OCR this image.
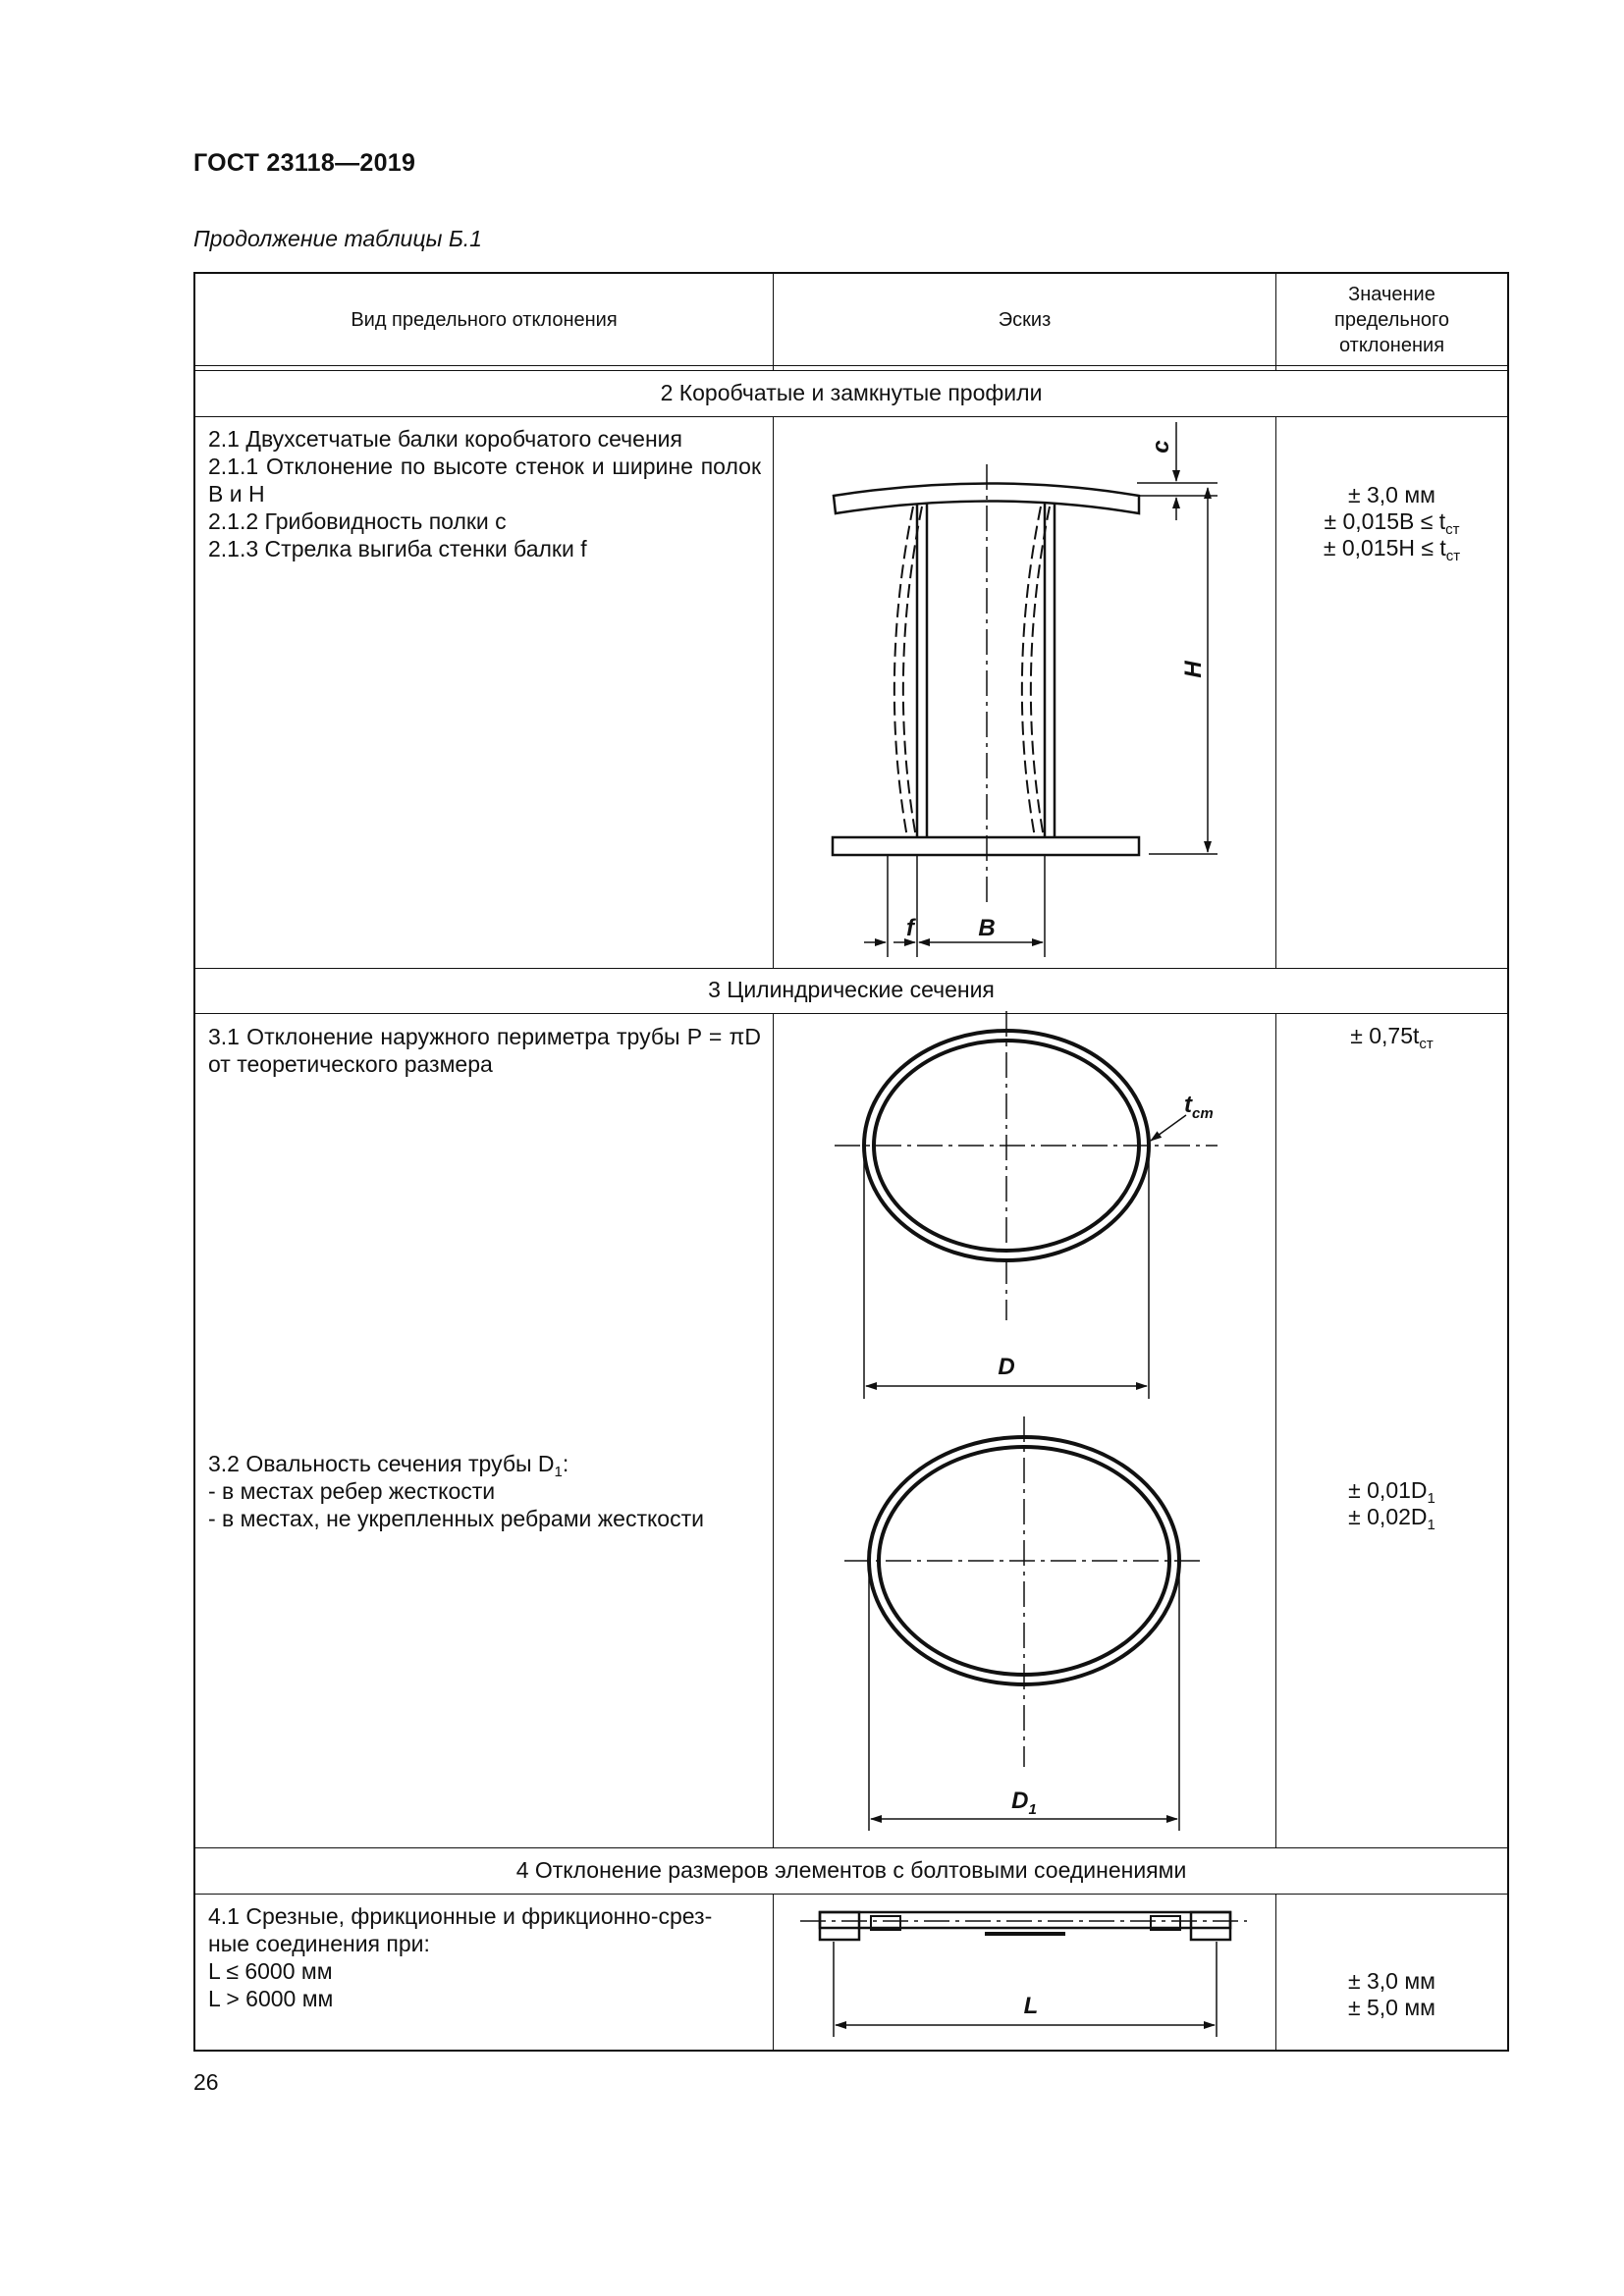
ГОСТ 23118—2019
Продолжение таблицы Б.1
Вид предельного отклонения	Эскиз
Значение предельного отклонения
2 Коробчатые и замкнутые профили
2.1 Двухсетчатые балки коробчатого сечения
2.1.1 Отклонение по высоте стенок и ширине полок B и H
2.1.2 Грибовидность полки c
2.1.3 Стрелка выгиба стенки балки f
± 3,0 мм
± $0,015B \le t_{ст}$
± $0,015H \le t_{ст}$
3 Цилиндрические сечения
3.1 Отклонение наружного периметра трубы P = πD от теоретического размера
± $0,75t_{ст}$
3.2 Овальность сечения трубы $D_1$:
- в местах ребер жесткости
- в местах, не укрепленных ребрами жесткости
± $0,01D_1$
± $0,02D_1$
4 Отклонение размеров элементов с болтовыми соединениями
4.1 Срезные, фрикционные и фрикционно-срез-
ные соединения при:
L ≤ 6000 мм
L > 6000 мм
± 3,0 мм
± 5,0 мм
c
H
f	B
$t_{cm}$
D
$D_1$
L
26
